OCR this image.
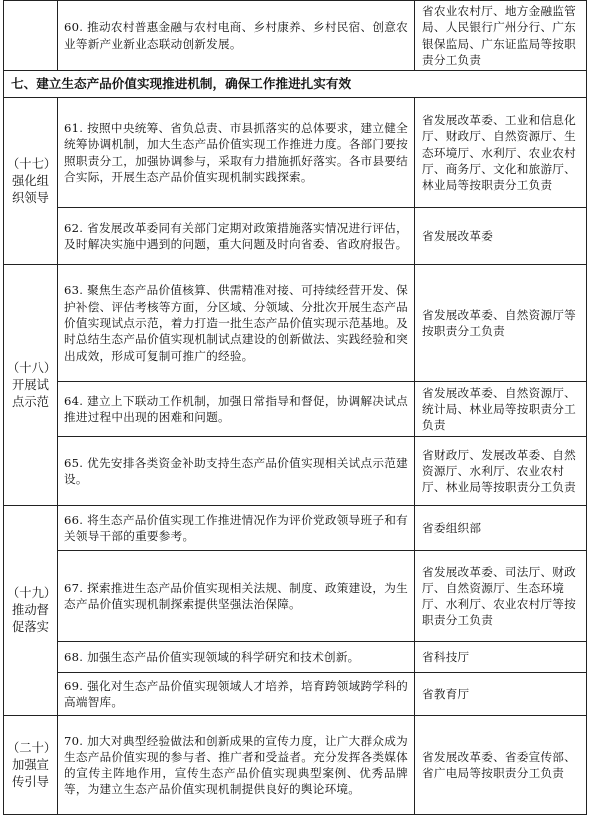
	60. 推动农村普惠金融与农村电商、乡村康养、乡村民宿、创意农业等新产业新业态联动创新发展。	省农业农村厅、地方金融监管局、人民银行广州分行、广东银保监局、广东证监局等按职责分工负责
七、建立生态产品价值实现推进机制，确保工作推进扎实有效		

（十七）
强化组
织领导	61. 按照中央统筹、省负总责、市县抓落实的总体要求，建立健全统筹协调机制，加大生态产品价值实现工作推进力度。各部门要按照职责分工，加强协调参与，采取有力措施抓好落实。各市县要结合实际，开展生态产品价值实现机制实践探索。	省发展改革委、工业和信息化厅、财政厅、自然资源厅、生态环境厅、水利厅、农业农村厅、商务厅、文化和旅游厅、林业局等按职责分工负责
	62. 省发展改革委同有关部门定期对政策措施落实情况进行评估，及时解决实施中遇到的问题，重大问题及时向省委、省政府报告。	省发展改革委

（十八）
开展试
点示范	63. 聚焦生态产品价值核算、供需精准对接、可持续经营开发、保护补偿、评估考核等方面，分区域、分领域、分批次开展生态产品价值实现试点示范，着力打造一批生态产品价值实现示范基地。及时总结生态产品价值实现机制试点建设的创新做法、实践经验和突出成效，形成可复制可推广的经验。	省发展改革委、自然资源厅等按职责分工负责
	64. 建立上下联动工作机制，加强日常指导和督促，协调解决试点推进过程中出现的困难和问题。	省发展改革委、自然资源厅、统计局、林业局等按职责分工负责
	65. 优先安排各类资金补助支持生态产品价值实现相关试点示范建设。	省财政厅、发展改革委、自然资源厅、水利厅、农业农村厅、林业局等按职责分工负责

（十九）
推动督
促落实	66. 将生态产品价值实现工作推进情况作为评价党政领导班子和有关领导干部的重要参考。	省委组织部
	67. 探索推进生态产品价值实现相关法规、制度、政策建设，为生态产品价值实现机制探索提供坚强法治保障。	省发展改革委、司法厅、财政厅、自然资源厅、生态环境厅、水利厅、农业农村厅等按职责分工负责
	68. 加强生态产品价值实现领域的科学研究和技术创新。	省科技厅
	69. 强化对生态产品价值实现领域人才培养，培育跨领域跨学科的高端智库。	省教育厅

（二十）
加强宣
传引导	70. 加大对典型经验做法和创新成果的宣传力度，让广大群众成为生态产品价值实现的参与者、推广者和受益者。充分发挥各类媒体的宣传主阵地作用，宣传生态产品价值实现典型案例、优秀品牌等，为建立生态产品价值实现机制提供良好的舆论环境。	省发展改革委、省委宣传部、省广电局等按职责分工负责
